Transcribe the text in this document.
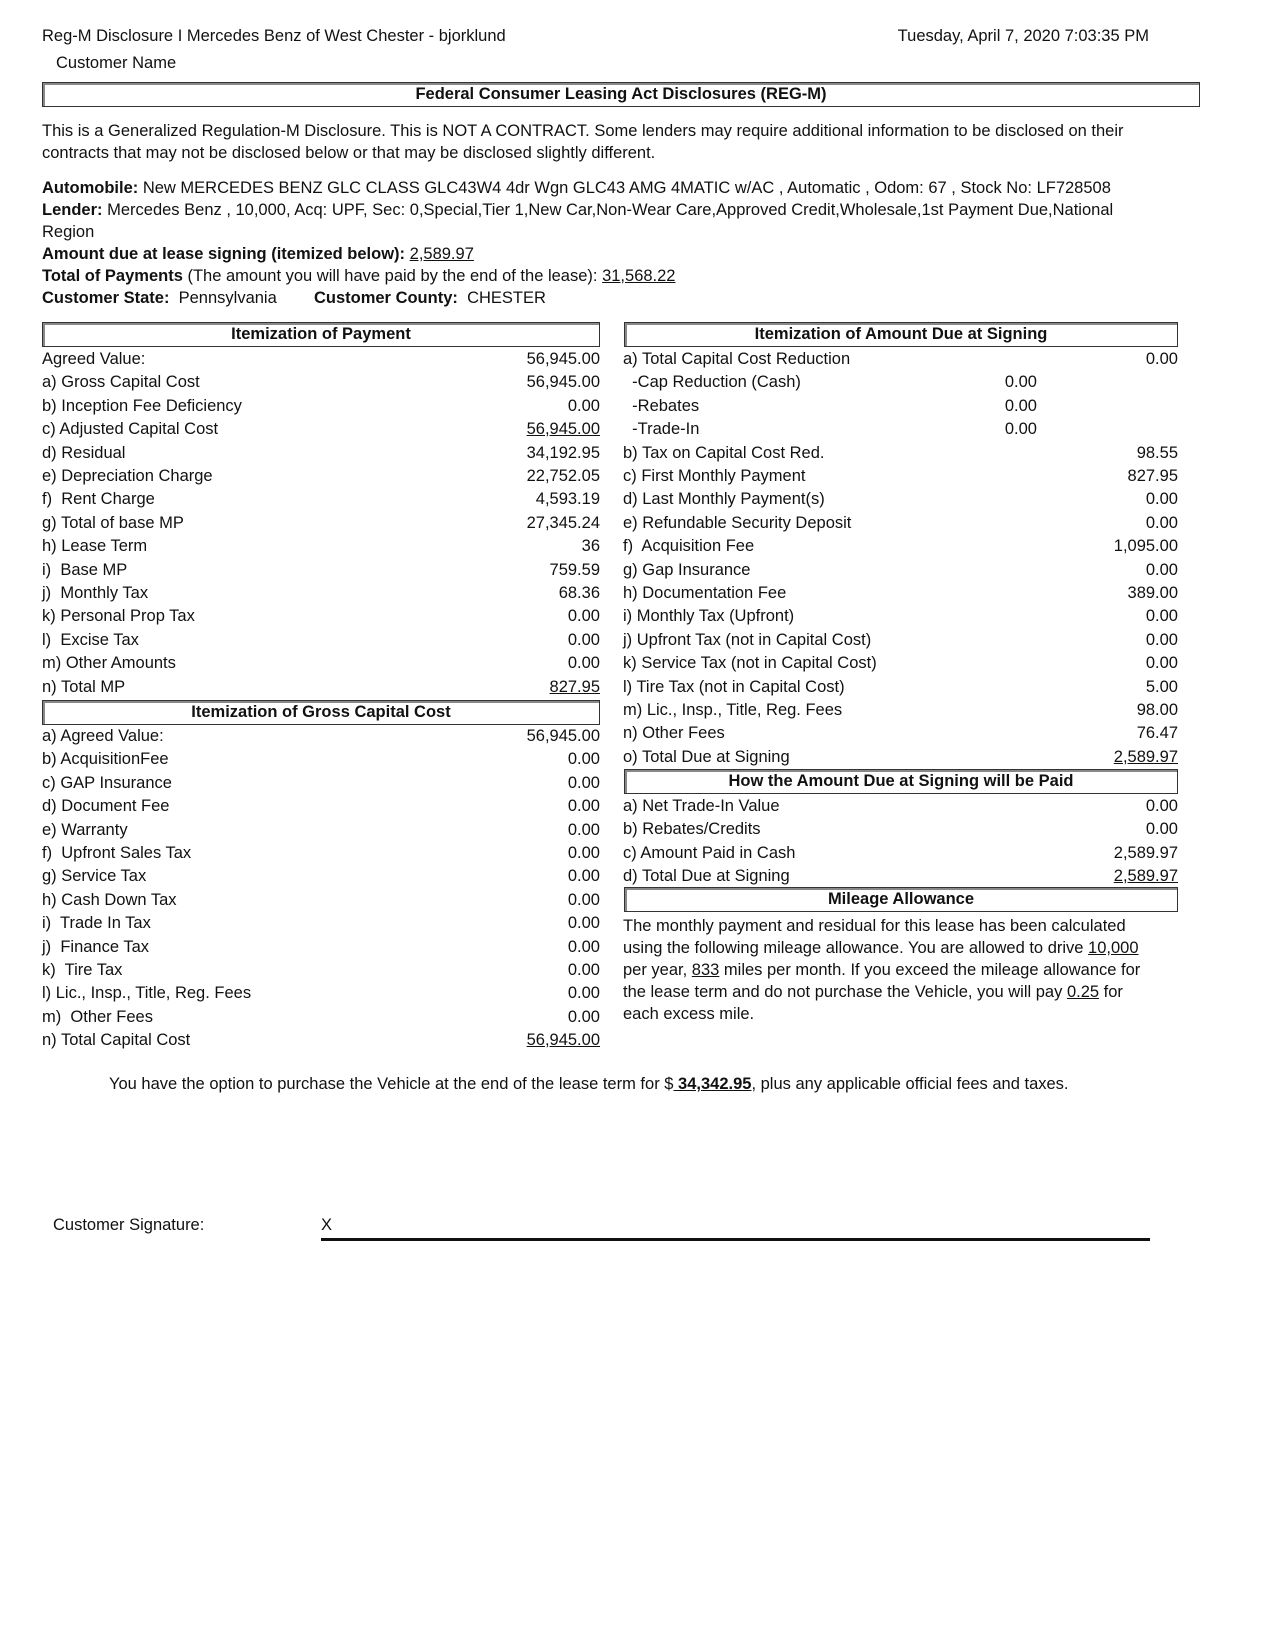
Reg-M Disclosure I Mercedes Benz of West Chester - bjorklund	Tuesday, April 7, 2020 7:03:35 PM
Customer Name
Federal Consumer Leasing Act Disclosures (REG-M)
This is a Generalized Regulation-M Disclosure. This is NOT A CONTRACT. Some lenders may require additional information to be disclosed on their
contracts that may not be disclosed below or that may be disclosed slightly different.
Automobile: New MERCEDES BENZ GLC CLASS GLC43W4 4dr Wgn GLC43 AMG 4MATIC w/AC , Automatic , Odom: 67 , Stock No: LF728508
Lender: Mercedes Benz , 10,000, Acq: UPF, Sec: 0,Special,Tier 1,New Car,Non-Wear Care,Approved Credit,Wholesale,1st Payment Due,National
Region
Amount due at lease signing (itemized below): 2,589.97
Total of Payments (The amount you will have paid by the end of the lease): 31,568.22
Customer State: Pennsylvania Customer County: CHESTER
Itemization of Payment
Agreed Value:	56,945.00
a) Gross Capital Cost	56,945.00
b) Inception Fee Deficiency	0.00
c) Adjusted Capital Cost	56,945.00
d) Residual	34,192.95
e) Depreciation Charge	22,752.05
f)  Rent Charge	4,593.19
g) Total of base MP	27,345.24
h) Lease Term	36
i)  Base MP	759.59
j)  Monthly Tax	68.36
k) Personal Prop Tax	0.00
l)  Excise Tax	0.00
m) Other Amounts	0.00
n) Total MP	827.95
Itemization of Gross Capital Cost
a) Agreed Value:	56,945.00
b) AcquisitionFee	0.00
c) GAP Insurance	0.00
d) Document Fee	0.00
e) Warranty	0.00
f)  Upfront Sales Tax	0.00
g) Service Tax	0.00
h) Cash Down Tax	0.00
i)  Trade In Tax	0.00
j)  Finance Tax	0.00
k)  Tire Tax	0.00
l) Lic., Insp., Title, Reg. Fees	0.00
m)  Other Fees	0.00
n) Total Capital Cost	56,945.00
Itemization of Amount Due at Signing
a) Total Capital Cost Reduction	0.00
-Cap Reduction (Cash)	0.00
-Rebates	0.00
-Trade-In	0.00
b) Tax on Capital Cost Red.	98.55
c) First Monthly Payment	827.95
d) Last Monthly Payment(s)	0.00
e) Refundable Security Deposit	0.00
f)  Acquisition Fee	1,095.00
g) Gap Insurance	0.00
h) Documentation Fee	389.00
i) Monthly Tax (Upfront)	0.00
j) Upfront Tax (not in Capital Cost)	0.00
k) Service Tax (not in Capital Cost)	0.00
l) Tire Tax (not in Capital Cost)	5.00
m) Lic., Insp., Title, Reg. Fees	98.00
n) Other Fees	76.47
o) Total Due at Signing	2,589.97
How the Amount Due at Signing will be Paid
a) Net Trade-In Value	0.00
b) Rebates/Credits	0.00
c) Amount Paid in Cash	2,589.97
d) Total Due at Signing	2,589.97
Mileage Allowance
The monthly payment and residual for this lease has been calculated
using the following mileage allowance. You are allowed to drive 10,000
per year, 833 miles per month. If you exceed the mileage allowance for
the lease term and do not purchase the Vehicle, you will pay 0.25 for
each excess mile.
You have the option to purchase the Vehicle at the end of the lease term for $ 34,342.95, plus any applicable official fees and taxes.
Customer Signature:	X
